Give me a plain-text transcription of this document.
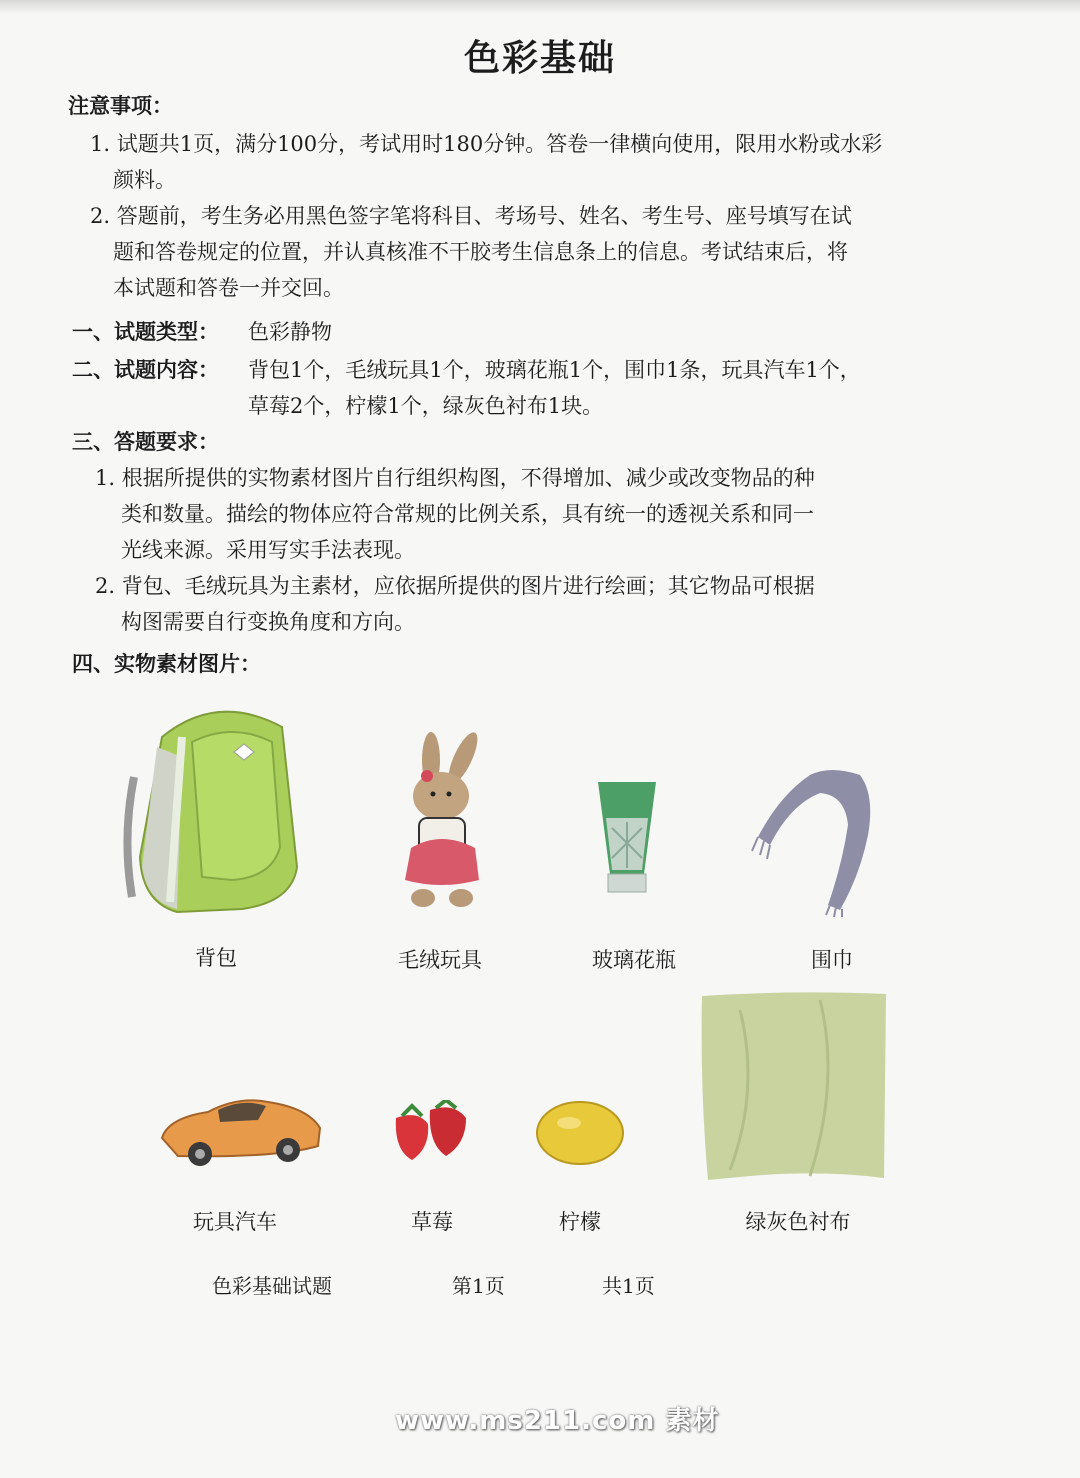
色彩基础
注意事项：
1. 试题共1页，满分100分，考试用时180分钟。答卷一律横向使用，限用水粉或水彩
颜料。
2. 答题前，考生务必用黑色签字笔将科目、考场号、姓名、考生号、座号填写在试
题和答卷规定的位置，并认真核准不干胶考生信息条上的信息。考试结束后，将
本试题和答卷一并交回。
一、试题类型： 色彩静物
二、试题内容： 背包1个，毛绒玩具1个，玻璃花瓶1个，围巾1条，玩具汽车1个，
草莓2个，柠檬1个，绿灰色衬布1块。
三、答题要求：
1. 根据所提供的实物素材图片自行组织构图，不得增加、减少或改变物品的种
类和数量。描绘的物体应符合常规的比例关系，具有统一的透视关系和同一
光线来源。采用写实手法表现。
2. 背包、毛绒玩具为主素材，应依据所提供的图片进行绘画；其它物品可根据
构图需要自行变换角度和方向。
四、实物素材图片：
背包	毛绒玩具	玻璃花瓶	围巾
玩具汽车	草莓	柠檬	绿灰色衬布
色彩基础试题	第1页	共1页
www.ms211.com 素材
